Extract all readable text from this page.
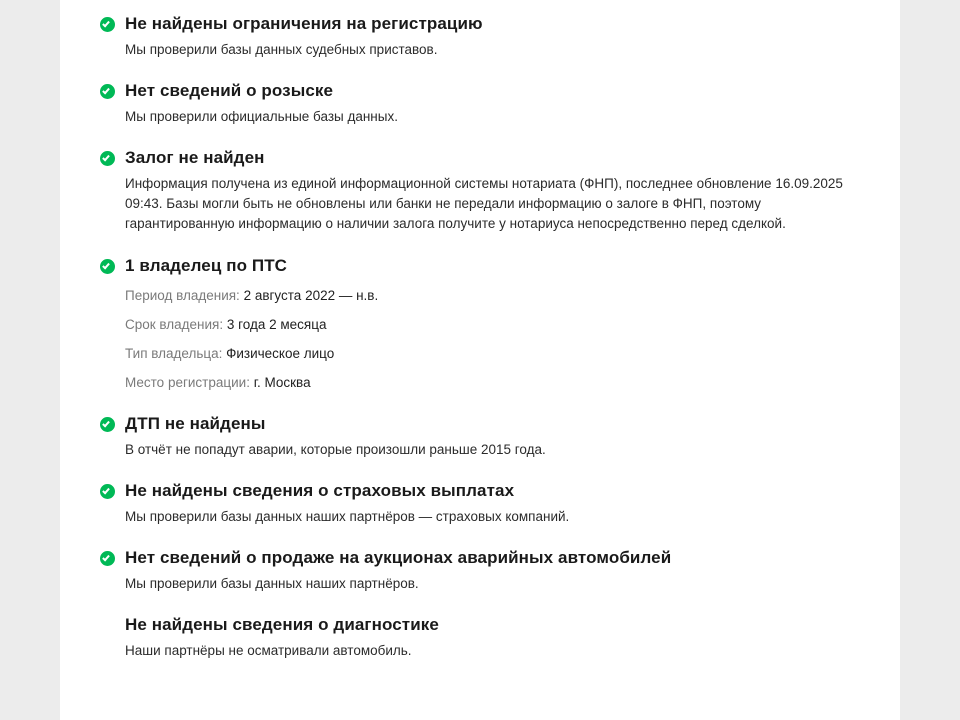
Не найдены ограничения на регистрацию
Мы проверили базы данных судебных приставов.
Нет сведений о розыске
Мы проверили официальные базы данных.
Залог не найден
Информация получена из единой информационной системы нотариата (ФНП), последнее обновление 16.09.2025 09:43. Базы могли быть не обновлены или банки не передали информацию о залоге в ФНП, поэтому гарантированную информацию о наличии залога получите у нотариуса непосредственно перед сделкой.
1 владелец по ПТС
Период владения: 2 августа 2022 — н.в.
Срок владения: 3 года 2 месяца
Тип владельца: Физическое лицо
Место регистрации: г. Москва
ДТП не найдены
В отчёт не попадут аварии, которые произошли раньше 2015 года.
Не найдены сведения о страховых выплатах
Мы проверили базы данных наших партнёров — страховых компаний.
Нет сведений о продаже на аукционах аварийных автомобилей
Мы проверили базы данных наших партнёров.
Не найдены сведения о диагностике
Наши партнёры не осматривали автомобиль.
